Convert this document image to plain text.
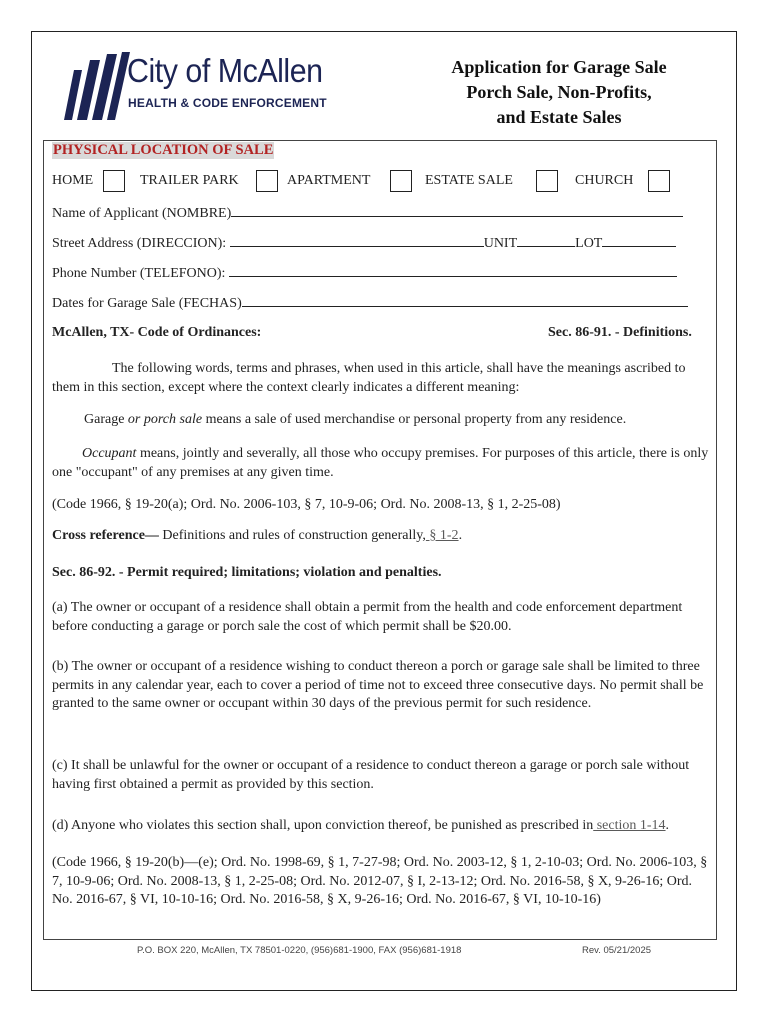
City of McAllen
HEALTH & CODE ENFORCEMENT
Application for Garage Sale
Porch Sale, Non-Profits,
and Estate Sales
PHYSICAL LOCATION OF SALE
HOME	TRAILER PARK	APARTMENT	ESTATE SALE	CHURCH
Name of Applicant (NOMBRE)
Street Address (DIRECCION):	UNIT	LOT
Phone Number (TELEFONO):
Dates for Garage Sale (FECHAS)
McAllen, TX- Code of Ordinances:	Sec. 86-91. - Definitions.
The following words, terms and phrases, when used in this article, shall have the meanings ascribed to them in this section, except where the context clearly indicates a different meaning:
Garage or porch sale means a sale of used merchandise or personal property from any residence.
Occupant means, jointly and severally, all those who occupy premises. For purposes of this article, there is only one "occupant" of any premises at any given time.
(Code 1966, § 19-20(a); Ord. No. 2006-103, § 7, 10-9-06; Ord. No. 2008-13, § 1, 2-25-08)
Cross reference— Definitions and rules of construction generally, § 1-2.
Sec. 86-92. - Permit required; limitations; violation and penalties.
(a) The owner or occupant of a residence shall obtain a permit from the health and code enforcement department before conducting a garage or porch sale the cost of which permit shall be $20.00.
(b) The owner or occupant of a residence wishing to conduct thereon a porch or garage sale shall be limited to three permits in any calendar year, each to cover a period of time not to exceed three consecutive days. No permit shall be granted to the same owner or occupant within 30 days of the previous permit for such residence.
(c) It shall be unlawful for the owner or occupant of a residence to conduct thereon a garage or porch sale without having first obtained a permit as provided by this section.
(d) Anyone who violates this section shall, upon conviction thereof, be punished as prescribed in section 1-14.
(Code 1966, § 19-20(b)—(e); Ord. No. 1998-69, § 1, 7-27-98; Ord. No. 2003-12, § 1, 2-10-03; Ord. No. 2006-103, § 7, 10-9-06; Ord. No. 2008-13, § 1, 2-25-08; Ord. No. 2012-07, § I, 2-13-12; Ord. No. 2016-58, § X, 9-26-16; Ord. No. 2016-67, § VI, 10-10-16; Ord. No. 2016-58, § X, 9-26-16; Ord. No. 2016-67, § VI, 10-10-16)
P.O. BOX 220, McAllen, TX 78501-0220, (956)681-1900, FAX (956)681-1918	Rev. 05/21/2025
